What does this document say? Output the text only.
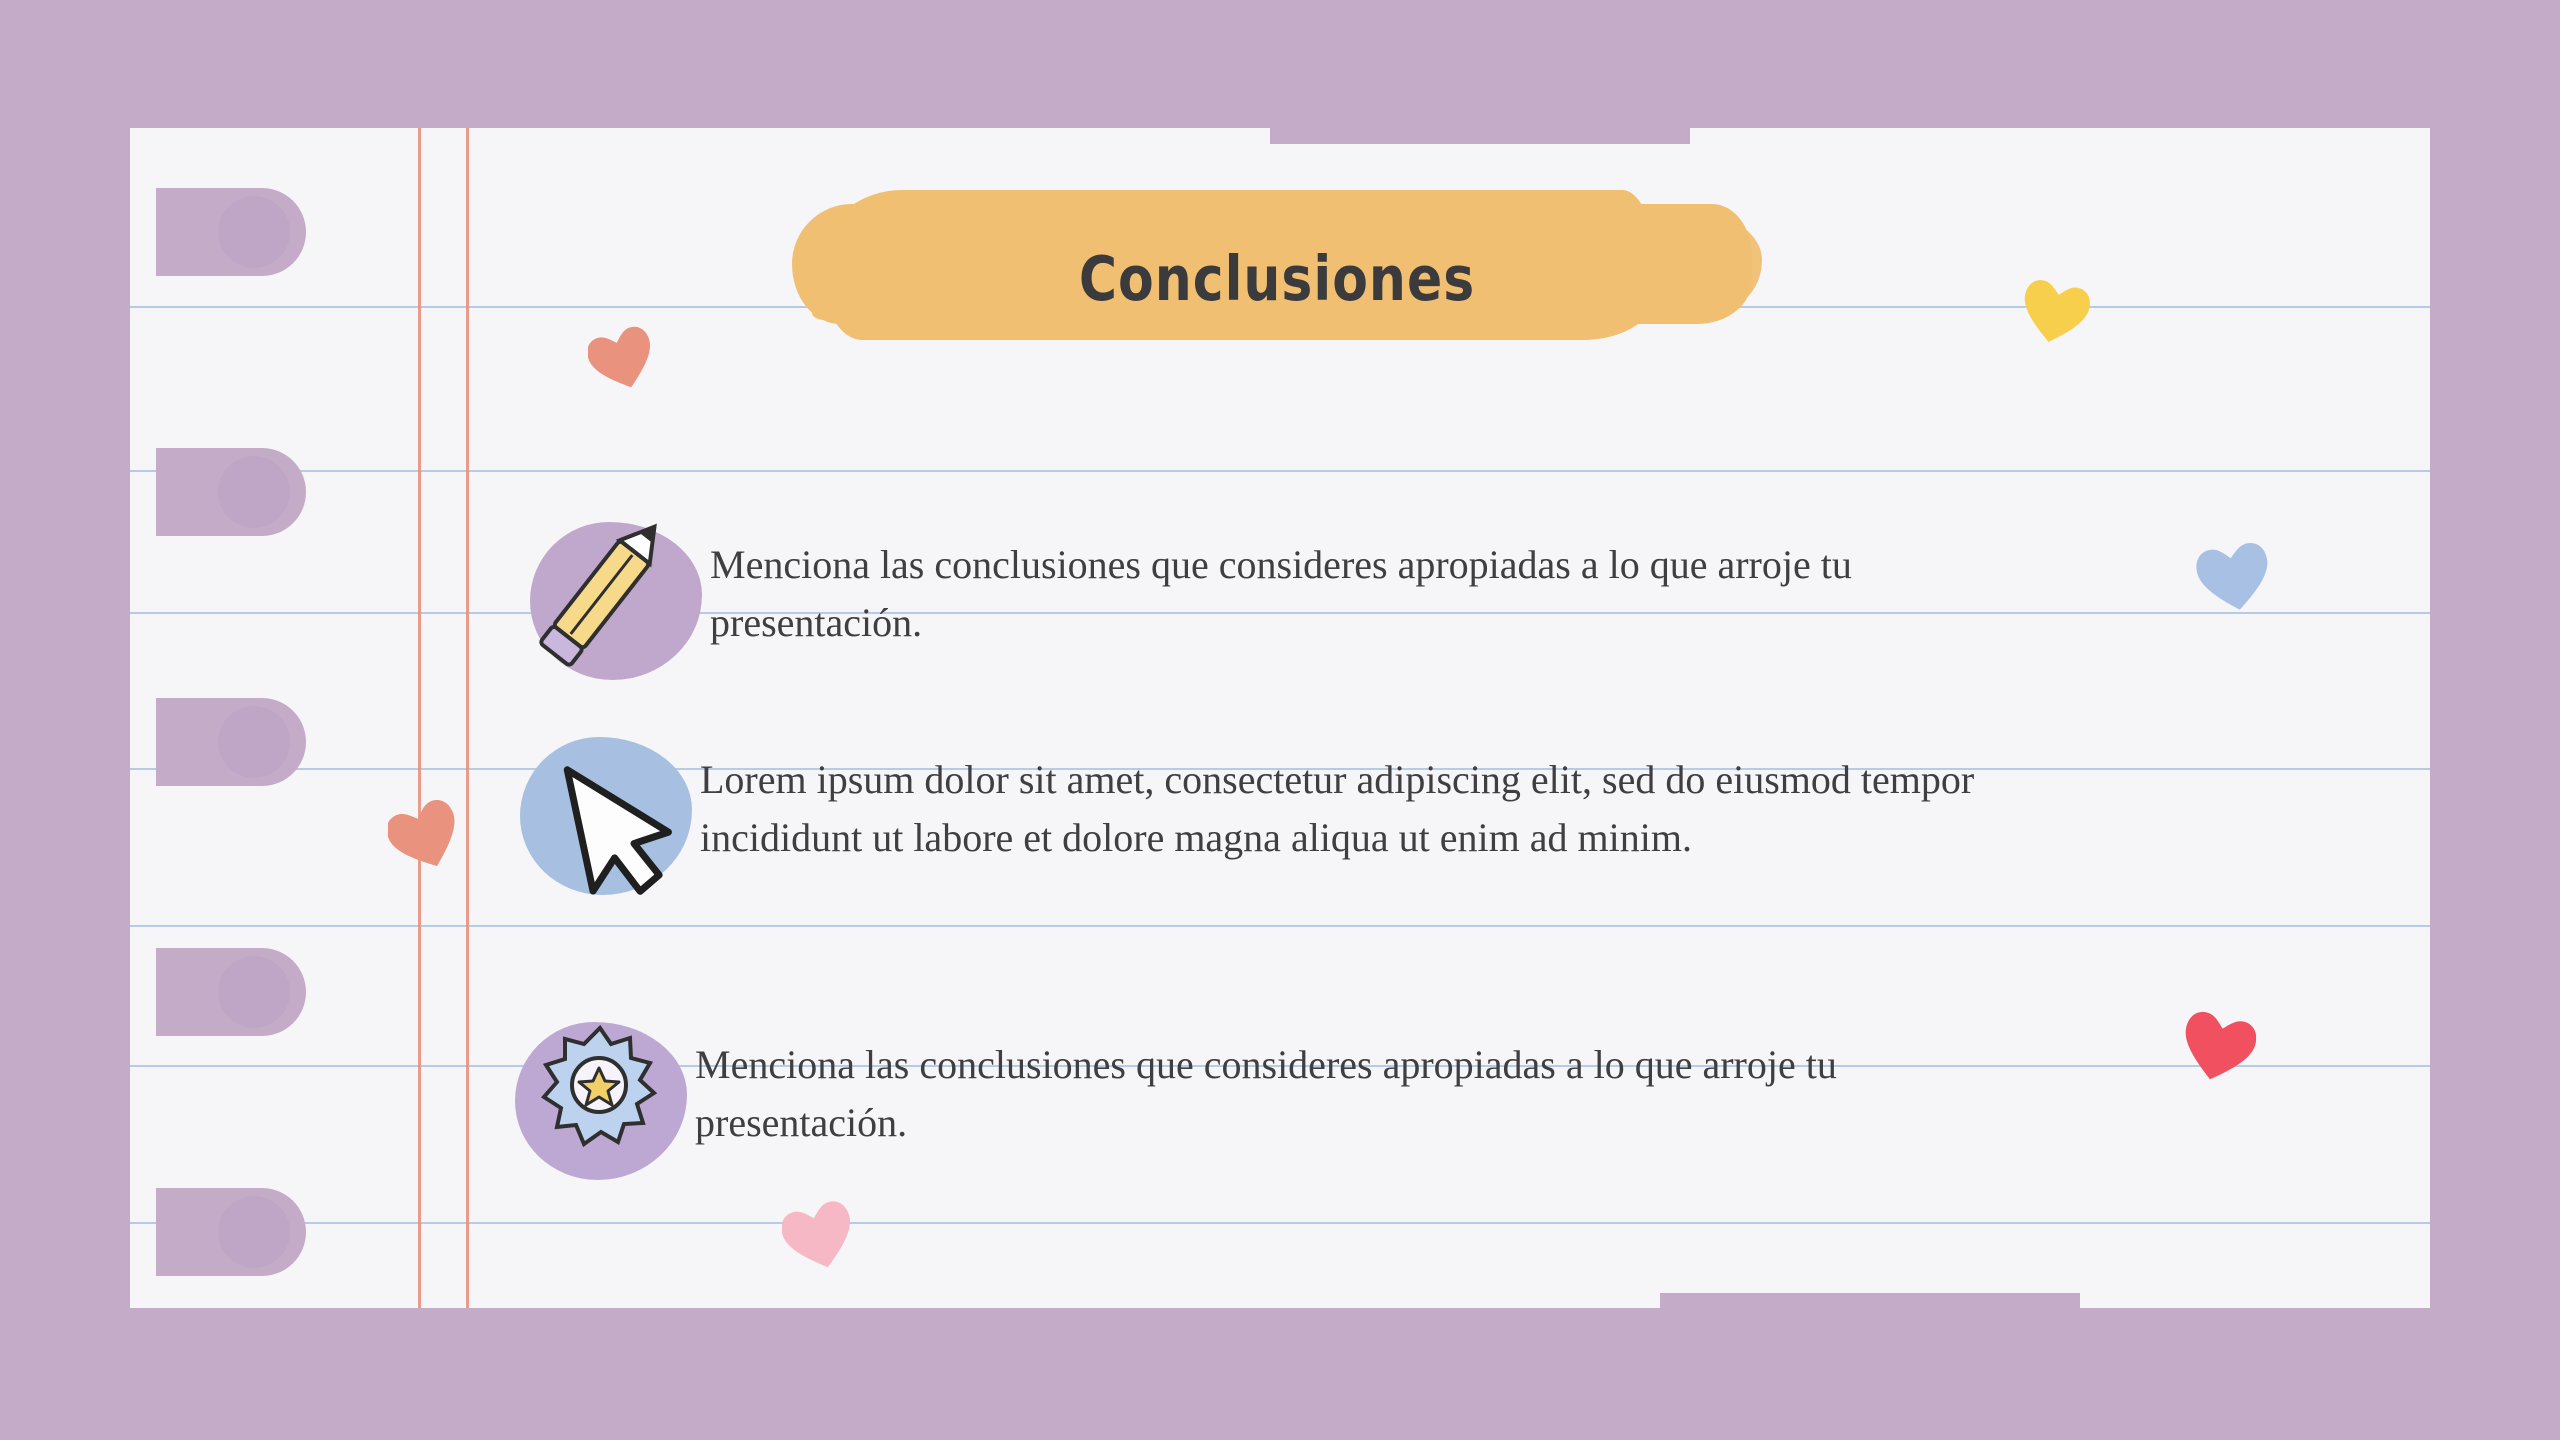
Conclusiones
Menciona las conclusiones que consideres apropiadas a lo que arroje tu presentación.
Lorem ipsum dolor sit amet, consectetur adipiscing elit, sed do eiusmod tempor incididunt ut labore et dolore magna aliqua ut enim ad minim.
Menciona las conclusiones que consideres apropiadas a lo que arroje tu presentación.
